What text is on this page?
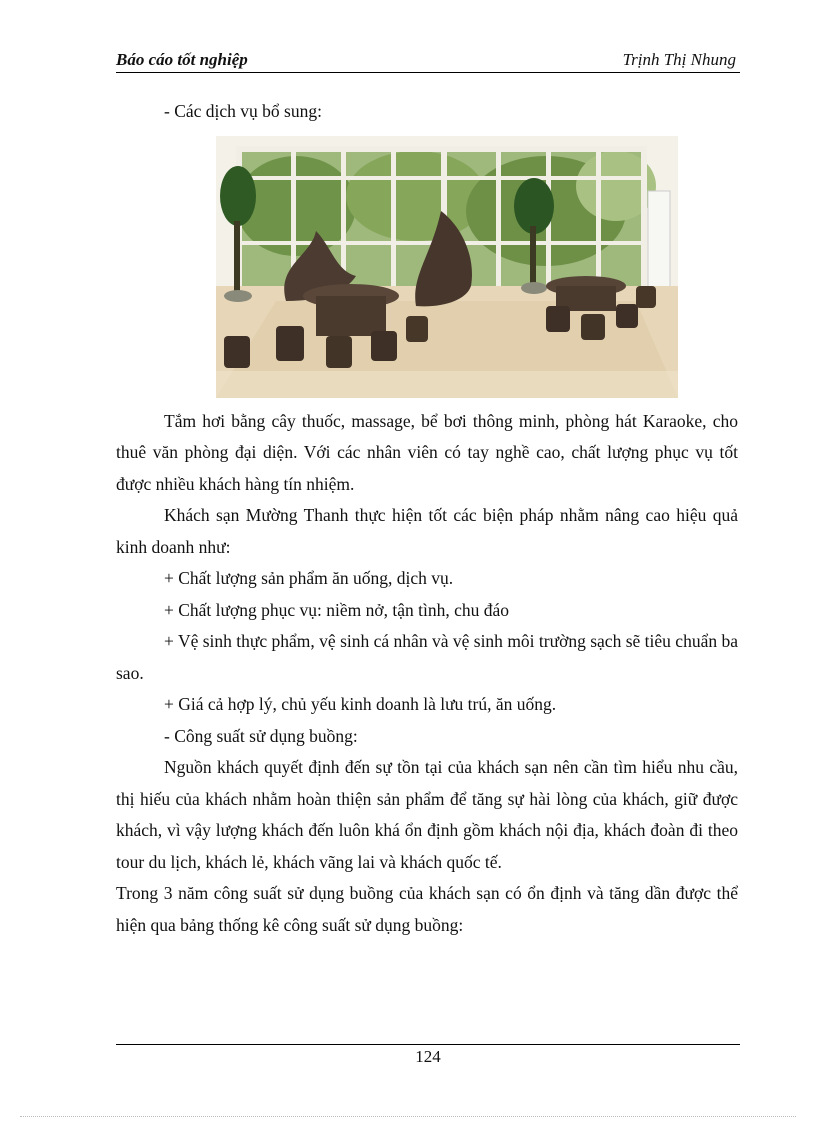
Báo cáo tốt nghiệp	Trịnh Thị Nhung

- Các dịch vụ bổ sung:

Tắm hơi bằng cây thuốc, massage, bể bơi thông minh, phòng hát Karaoke, cho thuê văn phòng đại diện. Với các nhân viên có tay nghề cao, chất lượng phục vụ tốt được nhiều khách hàng tín nhiệm.

Khách sạn Mường Thanh thực hiện tốt các biện pháp nhằm nâng cao hiệu quả kinh doanh như:

+ Chất lượng sản phẩm ăn uống, dịch vụ.

+ Chất lượng phục vụ: niềm nở, tận tình, chu đáo

+ Vệ sinh thực phẩm, vệ sinh cá nhân và vệ sinh môi trường sạch sẽ tiêu chuẩn ba sao.

+ Giá cả hợp lý, chủ yếu kinh doanh là lưu trú, ăn uống.

- Công suất sử dụng buồng:

Nguồn khách quyết định đến sự tồn tại của khách sạn nên cần tìm hiểu nhu cầu, thị hiếu của khách nhằm hoàn thiện sản phẩm để tăng sự hài lòng của khách, giữ được khách, vì vậy lượng khách đến luôn khá ổn định gồm khách nội địa, khách đoàn đi theo tour du lịch, khách lẻ, khách vãng lai và khách quốc tế.

Trong 3 năm công suất sử dụng buồng của khách sạn có ổn định và tăng dần được thể hiện qua bảng thống kê công suất sử dụng buồng:

124
